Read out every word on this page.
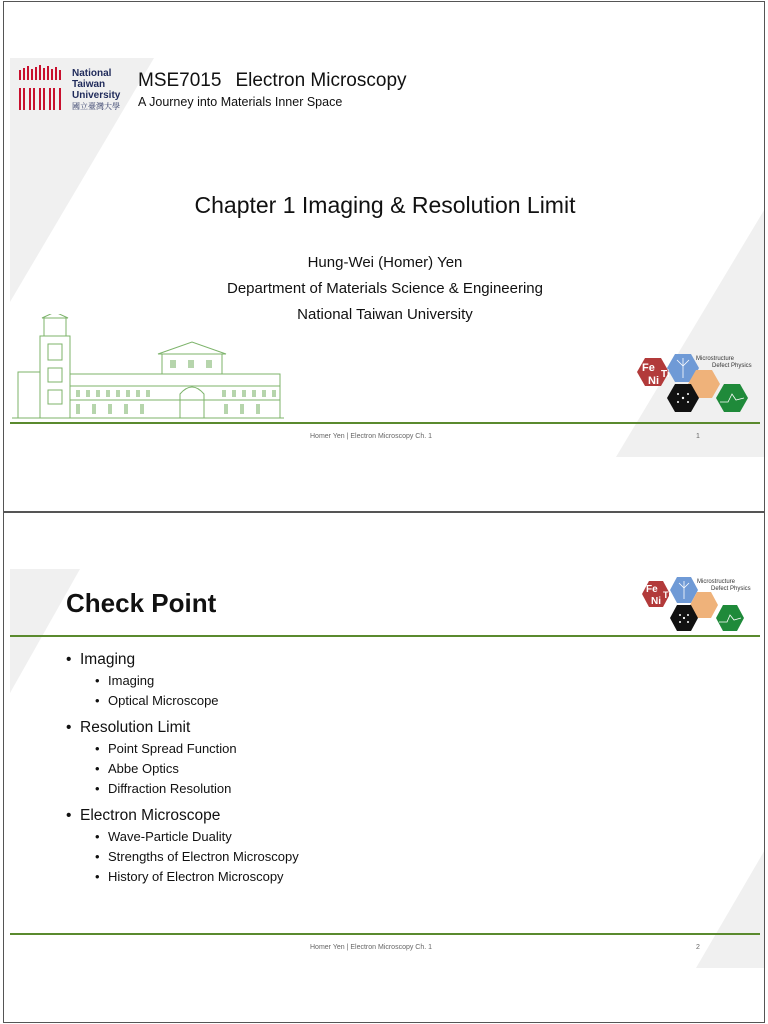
National
Taiwan
University
國立臺灣大學
MSE7015 Electron Microscopy
A Journey into Materials Inner Space
Chapter 1 Imaging & Resolution Limit
Hung-Wei (Homer) Yen
Department of Materials Science & Engineering
National Taiwan University
Fe
Ni
Ti
Microstructure
Defect Physics
Homer Yen | Electron Microscopy Ch. 1	1
Check Point	Fe
Ni
Ti
Microstructure
Defect Physics
• Imaging
• Imaging
• Optical Microscope
• Resolution Limit
• Point Spread Function
• Abbe Optics
• Diffraction Resolution
• Electron Microscope
• Wave-Particle Duality
• Strengths of Electron Microscopy
• History of Electron Microscopy
Homer Yen | Electron Microscopy Ch. 1	2
